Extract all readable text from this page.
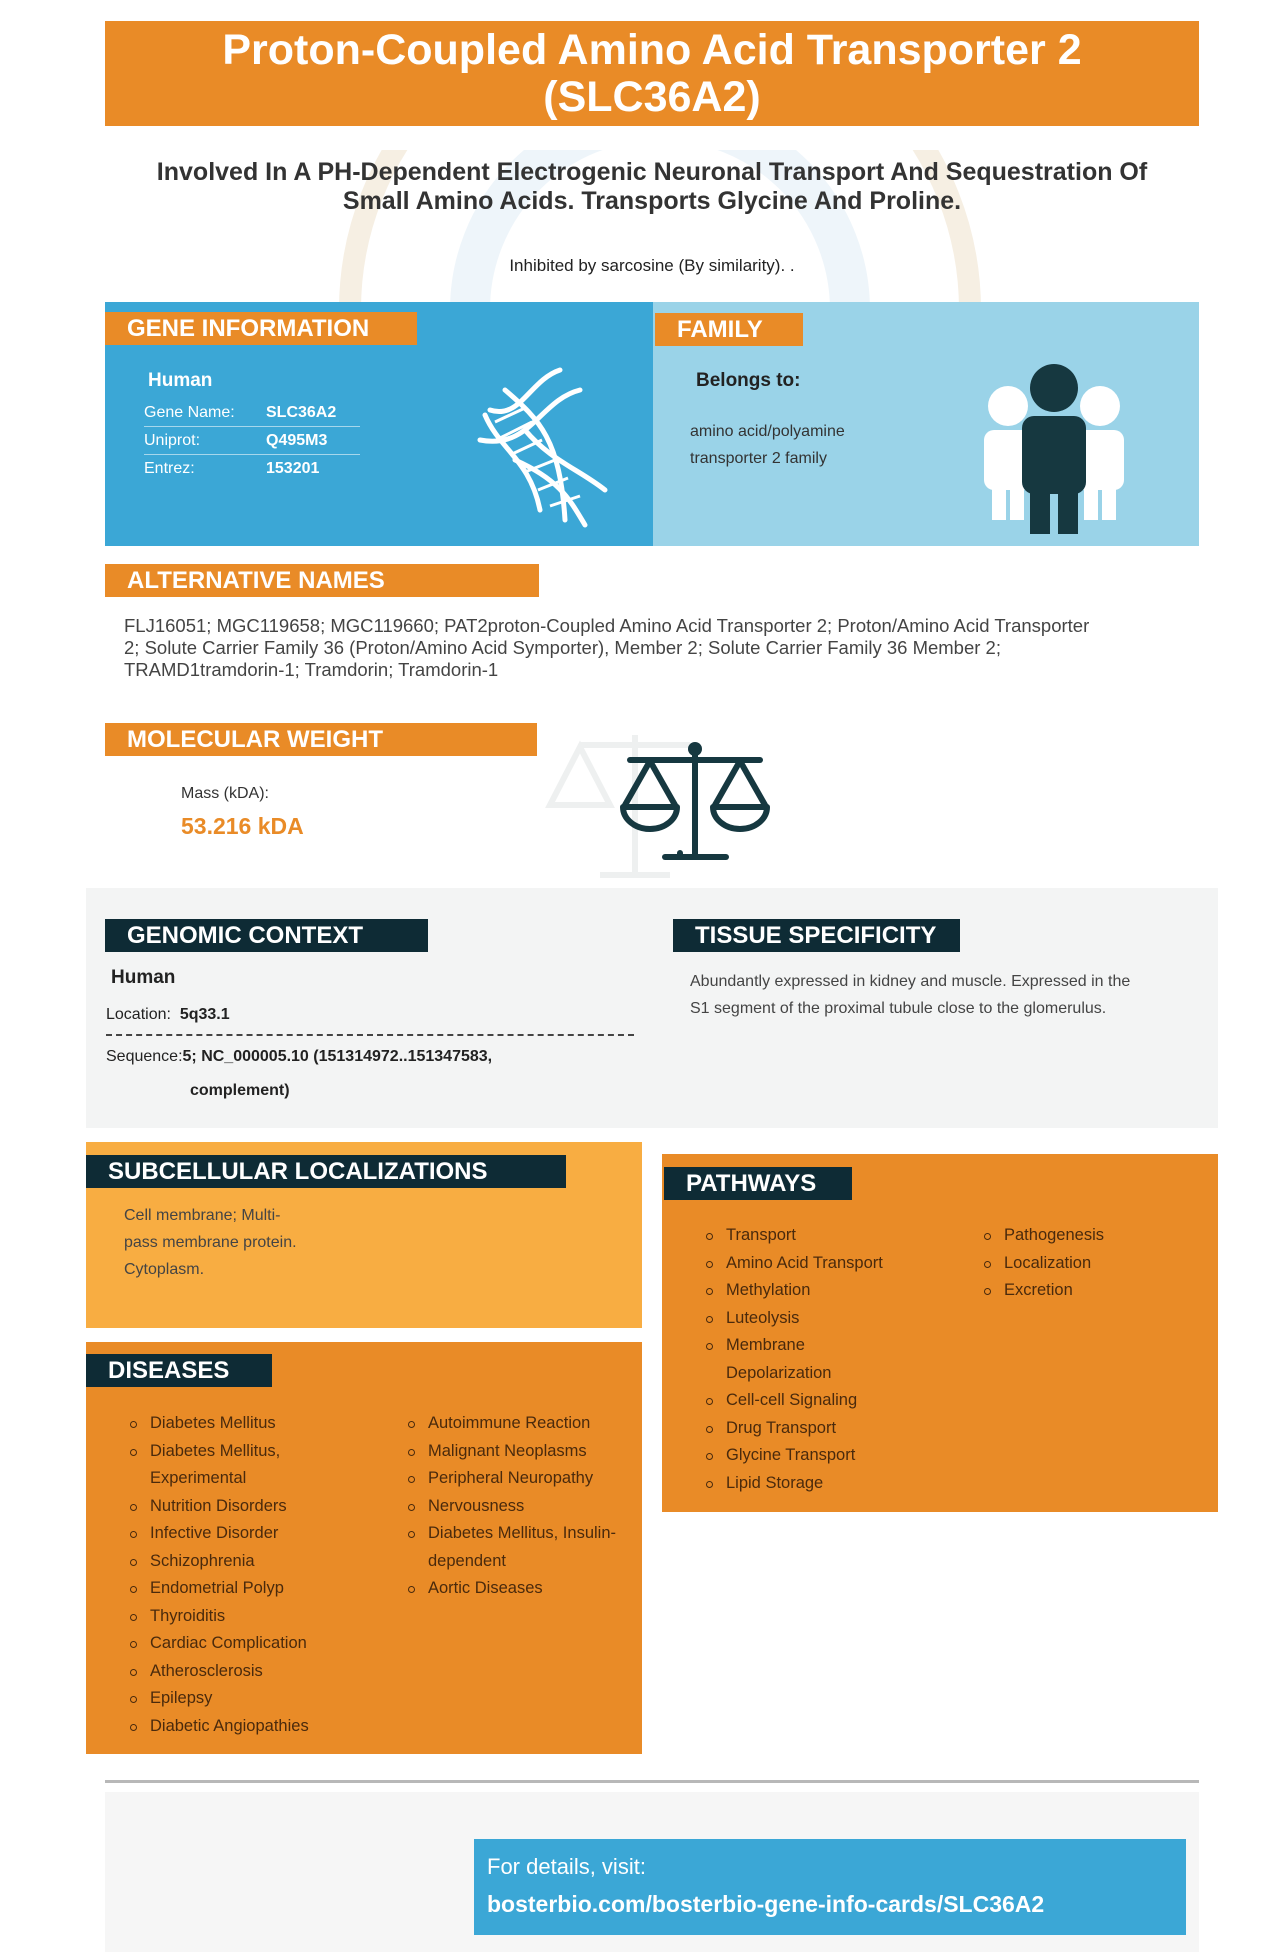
Proton-Coupled Amino Acid Transporter 2
(SLC36A2)
Involved In A PH-Dependent Electrogenic Neuronal Transport And Sequestration Of
Small Amino Acids. Transports Glycine And Proline.
Inhibited by sarcosine (By similarity). .
GENE INFORMATION
Human
Gene Name: SLC36A2
Uniprot:	Q495M3
Entrez:	153201
FAMILY
Belongs to:
amino acid/polyamine
transporter 2 family
ALTERNATIVE NAMES
FLJ16051; MGC119658; MGC119660; PAT2proton-Coupled Amino Acid Transporter 2; Proton/Amino Acid Transporter
2; Solute Carrier Family 36 (Proton/Amino Acid Symporter), Member 2; Solute Carrier Family 36 Member 2;
TRAMD1tramdorin-1; Tramdorin; Tramdorin-1
MOLECULAR WEIGHT
Mass (kDA):
53.216 kDA
GENOMIC CONTEXT
Human
Location: 5q33.1
Sequence:5; NC_000005.10 (151314972..151347583,
complement)
TISSUE SPECIFICITY
Abundantly expressed in kidney and muscle. Expressed in the
S1 segment of the proximal tubule close to the glomerulus.
SUBCELLULAR LOCALIZATIONS
Cell membrane; Multi-
pass membrane protein.
Cytoplasm.
DISEASES
Diabetes Mellitus
Diabetes Mellitus, Experimental
Nutrition Disorders
Infective Disorder
Schizophrenia
Endometrial Polyp
Thyroiditis
Cardiac Complication
Atherosclerosis
Epilepsy
Diabetic Angiopathies
Autoimmune Reaction
Malignant Neoplasms
Peripheral Neuropathy
Nervousness
Diabetes Mellitus, Insulin-dependent
Aortic Diseases
PATHWAYS
Transport
Amino Acid Transport
Methylation
Luteolysis
Membrane Depolarization
Cell-cell Signaling
Drug Transport
Glycine Transport
Lipid Storage
Pathogenesis
Localization
Excretion
For details, visit:
bosterbio.com/bosterbio-gene-info-cards/SLC36A2
